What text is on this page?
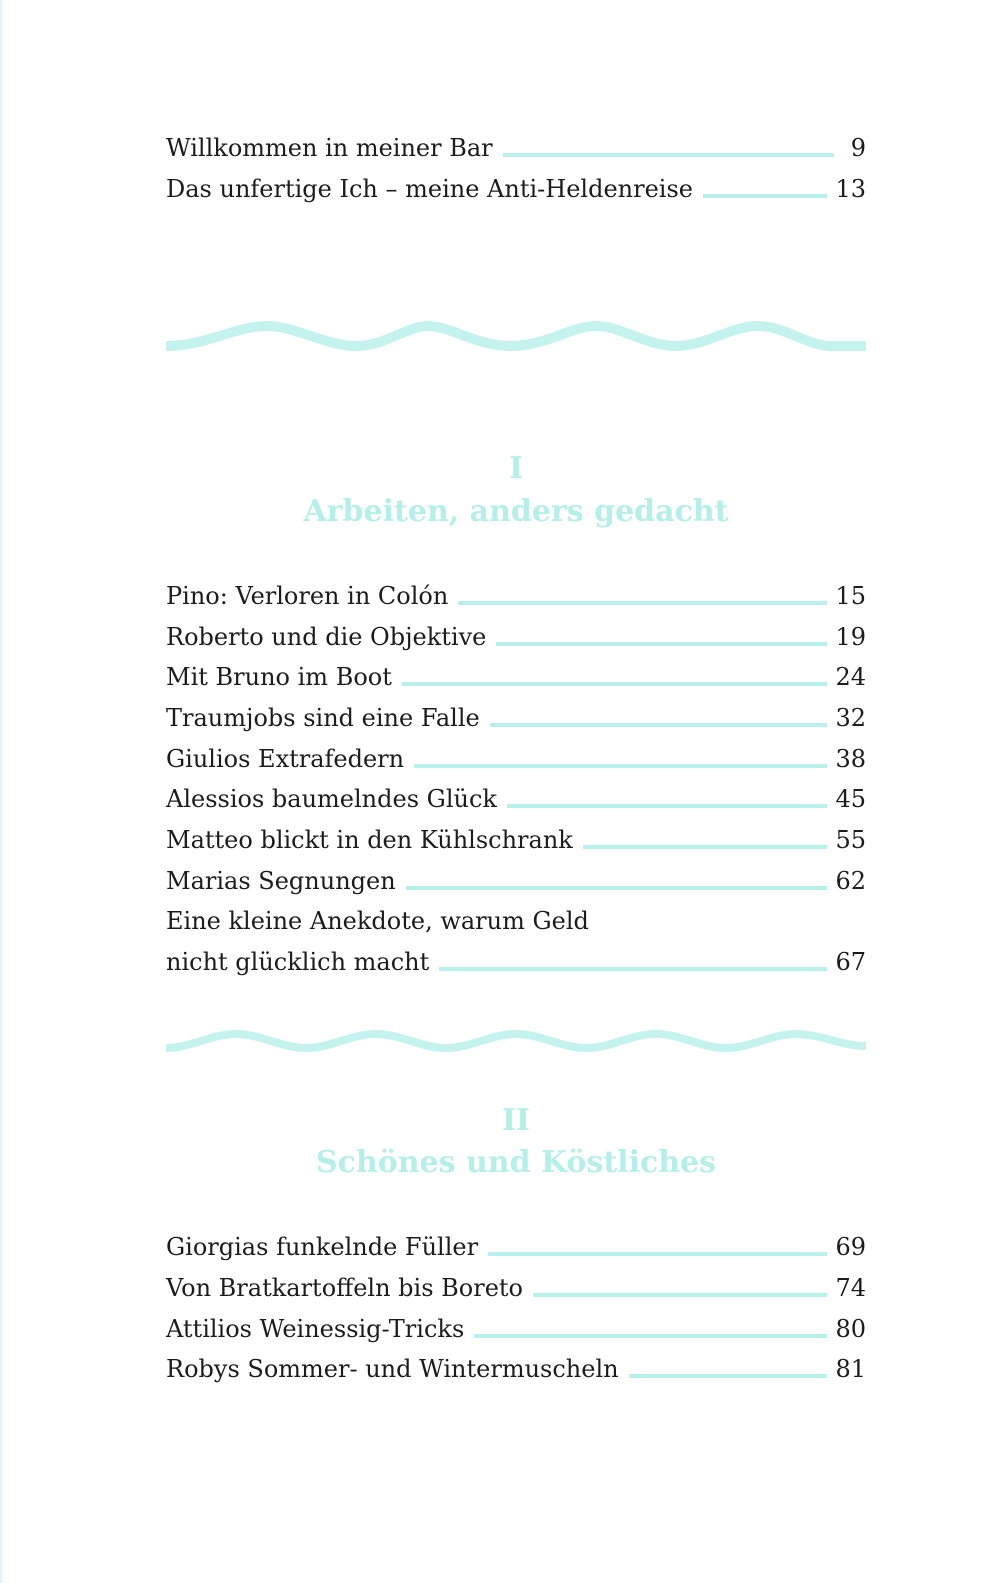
Willkommen in meiner Bar	9
Das unfertige Ich – meine Anti-Heldenreise	13
I
Arbeiten, anders gedacht
Pino: Verloren in Colón	15
Roberto und die Objektive	19
Mit Bruno im Boot	24
Traumjobs sind eine Falle	32
Giulios Extrafedern	38
Alessios baumelndes Glück	45
Matteo blickt in den Kühlschrank	55
Marias Segnungen	62
Eine kleine Anekdote, warum Geld
nicht glücklich macht	67
II
Schönes und Köstliches
Giorgias funkelnde Füller	69
Von Bratkartoffeln bis Boreto	74
Attilios Weinessig-Tricks	80
Robys Sommer- und Wintermuscheln	81
